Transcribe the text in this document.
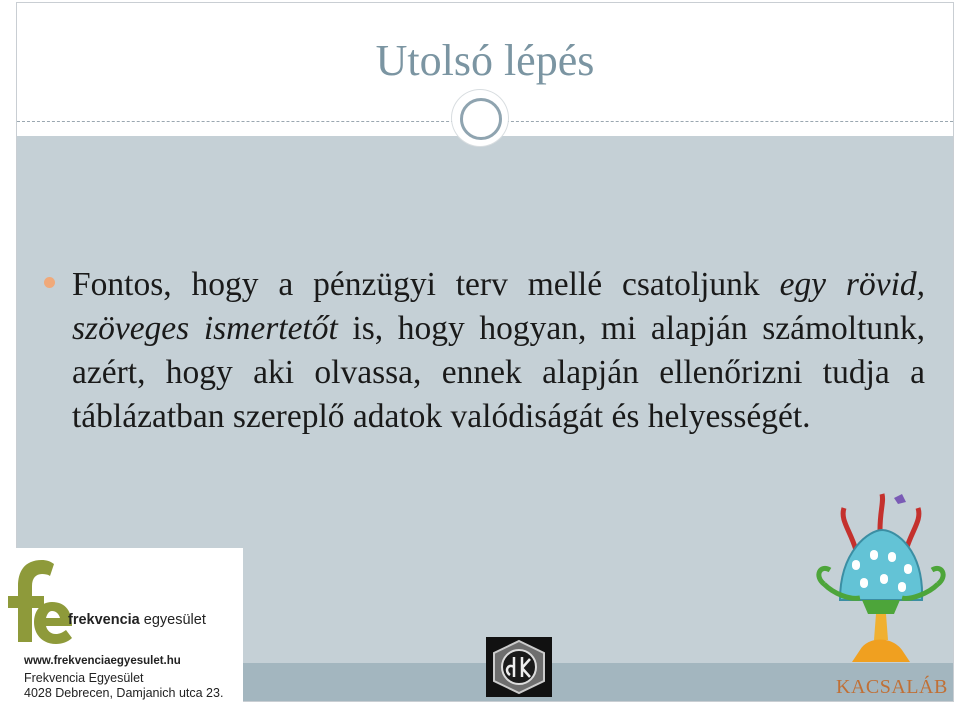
Utolsó lépés
Fontos, hogy a pénzügyi terv mellé csatoljunk egy rövid, szöveges ismertetőt is, hogy hogyan, mi alapján számoltunk, azért, hogy aki olvassa, ennek alapján ellenőrizni tudja a táblázatban szereplő adatok valódiságát és helyességét.
frekvencia egyesület
www.frekvenciaegyesulet.hu
Frekvencia Egyesület
4028 Debrecen, Damjanich utca 23.	KACSALÁB
